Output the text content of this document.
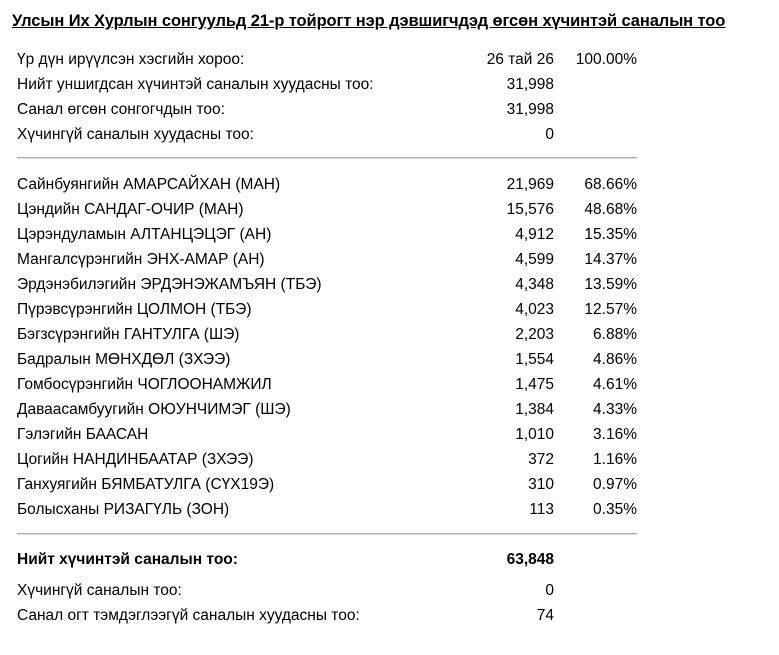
Улсын Их Хурлын сонгуульд 21-р тойрогт нэр дэвшигчдэд өгсөн хүчинтэй саналын тоо
Үр дүн ирүүлсэн хэсгийн хороо:	26 тай 26 100.00%
Нийт уншигдсан хүчинтэй саналын хуудасны тоо:	31,998
Санал өгсөн сонгогчдын тоо:	31,998
Хүчингүй саналын хуудасны тоо:	0
Сайнбуянгийн АМАРСАЙХАН (МАН)	21,969 68.66%
Цэндийн САНДАГ-ОЧИР (МАН)	15,576 48.68%
Цэрэндуламын АЛТАНЦЭЦЭГ (АН)	4,912 15.35%
Мангалсүрэнгийн ЭНХ-АМАР (АН)	4,599 14.37%
Эрдэнэбилэгийн ЭРДЭНЭЖАМЪЯН (ТБЭ)	4,348 13.59%
Пүрэвсүрэнгийн ЦОЛМОН (ТБЭ)	4,023 12.57%
Бэгзсүрэнгийн ГАНТУЛГА (ШЭ)	2,203	6.88%
Бадралын МӨНХДӨЛ (ЗХЭЭ)	1,554	4.86%
Гомбосүрэнгийн ЧОГЛООНАМЖИЛ	1,475	4.61%
Даваасамбуугийн ОЮУНЧИМЭГ (ШЭ)	1,384	4.33%
Гэлэгийн БААСАН	1,010	3.16%
Цогийн НАНДИНБААТАР (ЗХЭЭ)	372	1.16%
Ганхуягийн БЯМБАТУЛГА (СҮХ19Э)	310	0.97%
Болысханы РИЗАГҮЛЬ (ЗОН)	113	0.35%
Нийт хүчинтэй саналын тоо:	63,848
Хүчингүй саналын тоо:	0
Санал огт тэмдэглээгүй саналын хуудасны тоо:	74
